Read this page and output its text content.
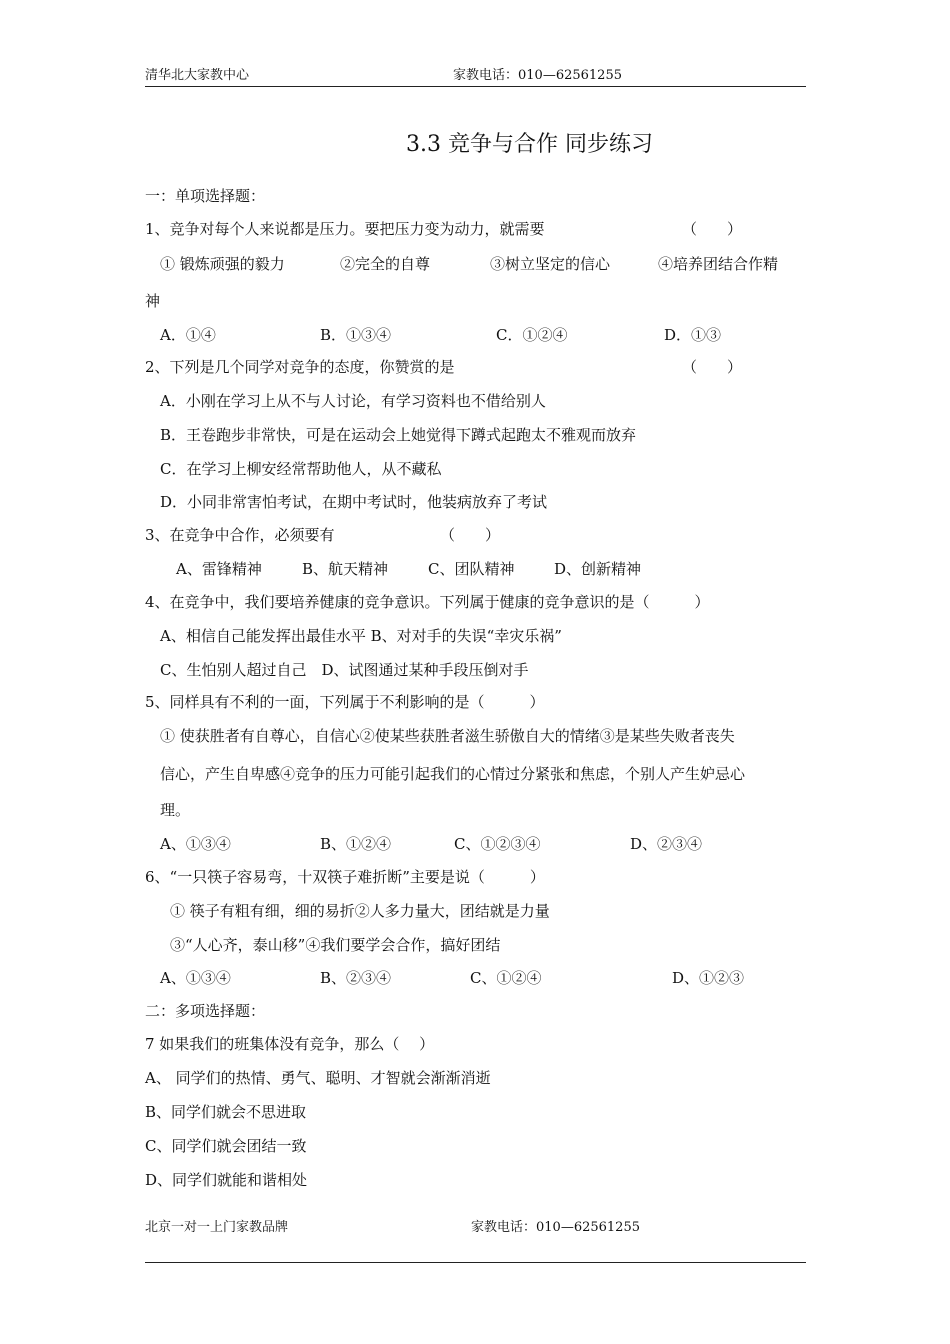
清华北大家教中心	家教电话：010—62561255
3.3 竞争与合作 同步练习
一：单项选择题：
1、竞争对每个人来说都是压力。要把压力变为动力，就需要	（　　）
① 锻炼顽强的毅力	②完全的自尊	③树立坚定的信心	④培养团结合作精
神
A．①④	B．①③④	C．①②④	D．①③
2、下列是几个同学对竞争的态度，你赞赏的是	（　　）
A．小刚在学习上从不与人讨论，有学习资料也不借给别人
B．王卷跑步非常快，可是在运动会上她觉得下蹲式起跑太不雅观而放弃
C．在学习上柳安经常帮助他人，从不藏私
D．小同非常害怕考试，在期中考试时，他装病放弃了考试
3、在竞争中合作，必须要有	（　　）
A、雷锋精神	B、航天精神	C、团队精神	D、创新精神
4、在竞争中，我们要培养健康的竞争意识。下列属于健康的竞争意识的是（　　　）
A、相信自己能发挥出最佳水平 B、对对手的失误“幸灾乐祸”
C、生怕别人超过自己　D、试图通过某种手段压倒对手
5、同样具有不利的一面，下列属于不利影响的是（　　　）
① 使获胜者有自尊心，自信心②使某些获胜者滋生骄傲自大的情绪③是某些失败者丧失
信心，产生自卑感④竞争的压力可能引起我们的心情过分紧张和焦虑，个别人产生妒忌心
理。
A、①③④	B、①②④	C、①②③④	D、②③④
6、“一只筷子容易弯，十双筷子难折断”主要是说（　　　）
① 筷子有粗有细，细的易折②人多力量大，团结就是力量
③“人心齐，泰山移”④我们要学会合作，搞好团结
A、①③④	B、②③④	C、①②④	D、①②③
二：多项选择题：
7 如果我们的班集体没有竞争，那么（　 ）
A、 同学们的热情、勇气、聪明、才智就会渐渐消逝
B、同学们就会不思进取
C、同学们就会团结一致
D、同学们就能和谐相处
北京一对一上门家教品牌	家教电话：010—62561255
